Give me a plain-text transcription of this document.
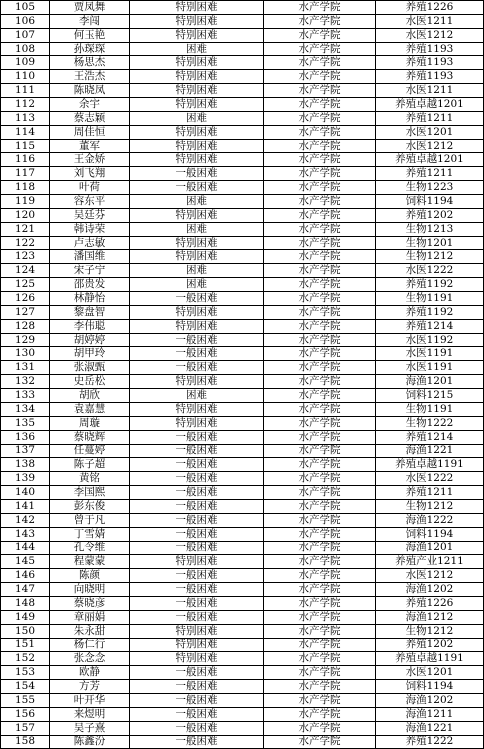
105	贾凤舞	特别困难	水产学院	养殖1226
106	李闯	特别困难	水产学院	水医1211
107	何玉艳	特别困难	水产学院	水医1212
108	孙琛琛	困难	水产学院	养殖1193
109	杨思杰	特别困难	水产学院	养殖1193
110	王浩杰	特别困难	水产学院	养殖1193
111	陈晓凤	特别困难	水产学院	水医1211
112	余宇	特别困难	水产学院	养殖卓越1201
113	蔡志颖	困难	水产学院	养殖1211
114	周佳恒	特别困难	水产学院	水医1201
115	董军	特别困难	水产学院	水医1212
116	王金娇	特别困难	水产学院	养殖卓越1201
117	刘飞翔	一般困难	水产学院	养殖1211
118	叶荷	一般困难	水产学院	生物1223
119	容东平	困难	水产学院	饲料1194
120	吴廷芬	特别困难	水产学院	养殖1202
121	韩诗荣	困难	水产学院	生物1213
122	卢志敏	特别困难	水产学院	生物1201
123	潘国维	特别困难	水产学院	生物1212
124	宋子宁	困难	水产学院	水医1222
125	邵贵发	困难	水产学院	养殖1192
126	林静怡	一般困难	水产学院	生物1191
127	黎盘智	特别困难	水产学院	养殖1192
128	李伟聪	特别困难	水产学院	养殖1214
129	胡婷婷	一般困难	水产学院	水医1192
130	胡甲玲	一般困难	水产学院	水医1191
131	张淑甄	一般困难	水产学院	水医1191
132	史岳松	特别困难	水产学院	海渔1201
133	胡欣	困难	水产学院	饲料1215
134	袁嘉慧	特别困难	水产学院	生物1191
135	周璇	特别困难	水产学院	生物1222
136	蔡晓辉	一般困难	水产学院	养殖1214
137	任蔓婷	一般困难	水产学院	海渔1221
138	陈子超	一般困难	水产学院	养殖卓越1191
139	黄铭	一般困难	水产学院	水医1222
140	李国熙	一般困难	水产学院	养殖1211
141	彭东俊	一般困难	水产学院	生物1212
142	曾于凡	一般困难	水产学院	海渔1222
143	丁雪婧	一般困难	水产学院	饲料1194
144	孔令维	一般困难	水产学院	海渔1201
145	程蒙蒙	特别困难	水产学院	养殖产业1211
146	陈颜	一般困难	水产学院	水医1212
147	向晓明	一般困难	水产学院	海渔1202
148	蔡晓彦	一般困难	水产学院	养殖1226
149	章丽娟	一般困难	水产学院	海渔1212
150	朱永甜	特别困难	水产学院	生物1212
151	杨仁行	特别困难	水产学院	养殖1202
152	张念念	特别困难	水产学院	养殖卓越1191
153	欧静	一般困难	水产学院	水医1201
154	方芳	一般困难	水产学院	饲料1194
155	叶开华	一般困难	水产学院	海渔1202
156	来煜明	一般困难	水产学院	海渔1211
157	吴子熹	一般困难	水产学院	海渔1221
158	陈鑫汾	一般困难	水产学院	养殖1222
